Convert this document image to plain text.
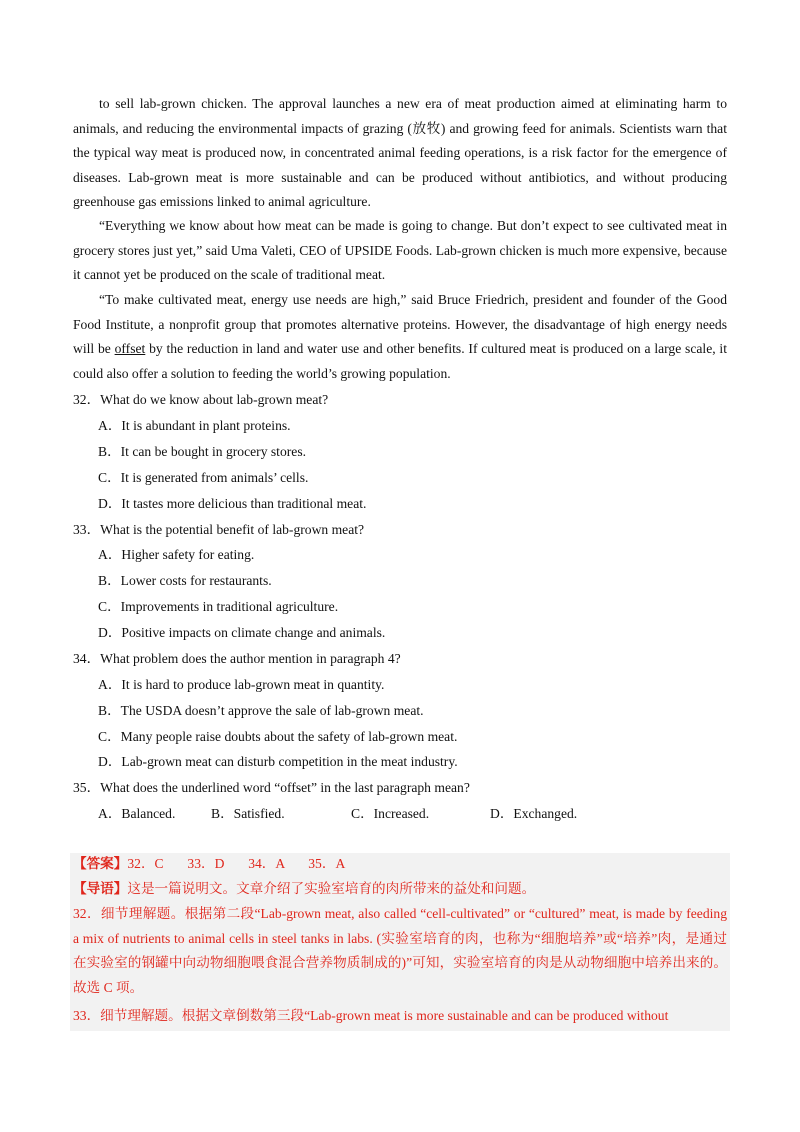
to sell lab-grown chicken. The approval launches a new era of meat production aimed at eliminating harm to animals, and reducing the environmental impacts of grazing (放牧) and growing feed for animals. Scientists warn that the typical way meat is produced now, in concentrated animal feeding operations, is a risk factor for the emergence of diseases. Lab-grown meat is more sustainable and can be produced without antibiotics, and without producing greenhouse gas emissions linked to animal agriculture.

“Everything we know about how meat can be made is going to change. But don’t expect to see cultivated meat in grocery stores just yet,” said Uma Valeti, CEO of UPSIDE Foods. Lab-grown chicken is much more expensive, because it cannot yet be produced on the scale of traditional meat.

“To make cultivated meat, energy use needs are high,” said Bruce Friedrich, president and founder of the Good Food Institute, a nonprofit group that promotes alternative proteins. However, the disadvantage of high energy needs will be offset by the reduction in land and water use and other benefits. If cultured meat is produced on a large scale, it could also offer a solution to feeding the world’s growing population.

32．What do we know about lab-grown meat?
A．It is abundant in plant proteins.
B．It can be bought in grocery stores.
C．It is generated from animals’ cells.
D．It tastes more delicious than traditional meat.
33．What is the potential benefit of lab-grown meat?
A．Higher safety for eating.
B．Lower costs for restaurants.
C．Improvements in traditional agriculture.
D．Positive impacts on climate change and animals.
34．What problem does the author mention in paragraph 4?
A．It is hard to produce lab-grown meat in quantity.
B．The USDA doesn’t approve the sale of lab-grown meat.
C．Many people raise doubts about the safety of lab-grown meat.
D．Lab-grown meat can disturb competition in the meat industry.
35．What does the underlined word “offset” in the last paragraph mean?
A．Balanced.	B．Satisfied.	C．Increased.	D．Exchanged.

【答案】32．C       33．D       34．A       35．A

【导语】这是一篇说明文。文章介绍了实验室培育的肉所带来的益处和问题。

32．细节理解题。根据第二段“Lab-grown meat, also called “cell-cultivated” or “cultured” meat, is made by feeding a mix of nutrients to animal cells in steel tanks in labs. (实验室培育的肉，也称为“细胞培养”或“培养”肉，是通过在实验室的钢罐中向动物细胞喂食混合营养物质制成的)”可知，实验室培育的肉是从动物细胞中培养出来的。故选 C 项。

33．细节理解题。根据文章倒数第三段“Lab-grown meat is more sustainable and can be produced without
